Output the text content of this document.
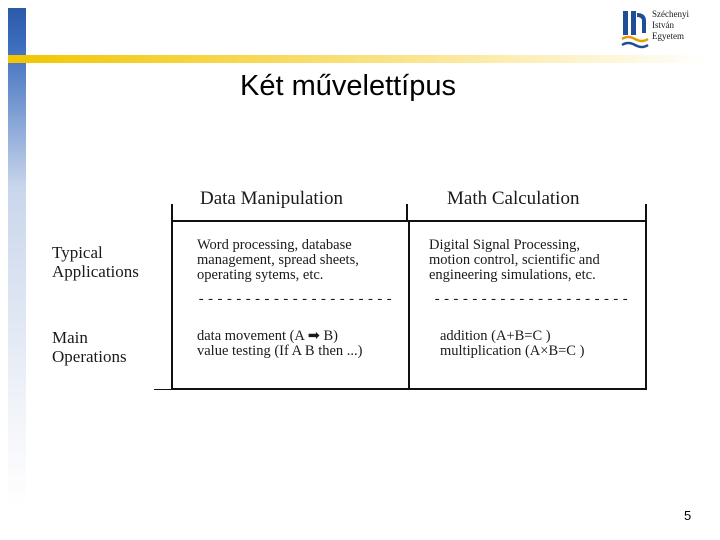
Széchenyi
István
Egyetem
Két művelettípus
Data Manipulation	Math Calculation
Typical
Applications
Main
Operations
Word processing, database
management, spread sheets,
operating sytems, etc.
Digital Signal Processing,
motion control, scientific and
engineering simulations, etc.
---------------------	---------------------
data movement (A ➡ B)
value testing (If A B then ...)
addition (A+B=C )
multiplication (A×B=C )
5
